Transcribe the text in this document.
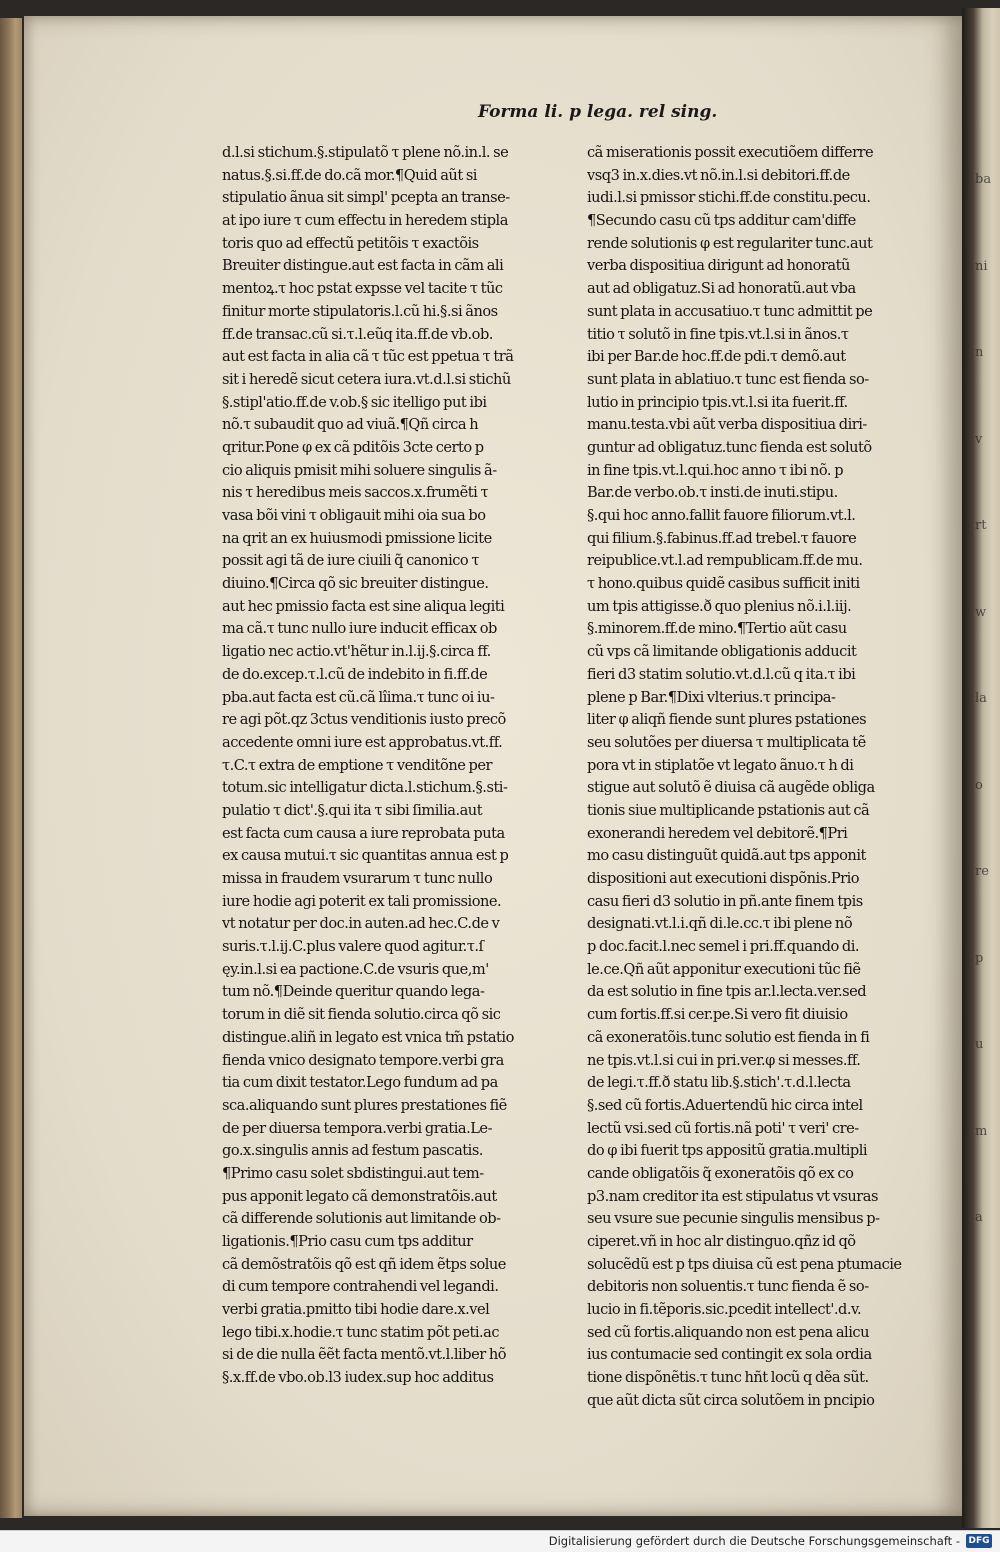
ba
ni
n
v
rt
w
la
o
re
p
u
m
a
Forma li. p lega. rel sing.
d.l.si stichum.§.stipulatõ τ plene nõ.in.l. se
natus.§.si.ff.de do.cã mor.¶Quid aũt si
stipulatio ãnua sit simpl' pcepta an transe-
at ipo iure τ cum effectu in heredem stipla
toris quo ad effectũ petitõis τ exactõis
Breuiter distingue.aut est facta in cãm ali
mentoꝝ.τ hoc pstat expsse vel tacite τ tũc
finitur morte stipulatoris.l.cũ hi.§.si ãnos
ff.de transac.cũ si.τ.l.eũq ita.ff.de vb.ob.
aut est facta in alia cã τ tũc est ppetua τ trã
sit i heredẽ sicut cetera iura.vt.d.l.si stichũ
§.stipl'atio.ff.de v.ob.§ sic itelligo put ibi
nõ.τ subaudit quo ad viuã.¶Qñ circa h
qritur.Pone φ ex cã pditõis 3cte certo p
cio aliquis pmisit mihi soluere singulis ã-
nis τ heredibus meis saccos.x.frumẽti τ
vasa bõi vini τ obligauit mihi oia sua bo
na qrit an ex huiusmodi pmissione licite
possit agi tã de iure ciuili q̃ canonico τ
diuino.¶Circa qõ sic breuiter distingue.
aut hec pmissio facta est sine aliqua legiti
ma cã.τ tunc nullo iure inducit efficax ob
ligatio nec actio.vt'hẽtur in.l.ij.§.circa ff.
de do.excep.τ.l.cũ de indebito in fi.ff.de
pba.aut facta est cũ.cã lîima.τ tunc oi iu-
re agi põt.qz 3ctus venditionis iusto precõ
accedente omni iure est approbatus.vt.ff.
τ.C.τ extra de emptione τ venditõne per
totum.sic intelligatur dicta.l.stichum.§.sti-
pulatio τ dict'.§.qui ita τ sibi ſimilia.aut
est facta cum causa a iure reprobata puta
ex causa mutui.τ sic quantitas annua est p
missa in fraudem vsurarum τ tunc nullo
iure hodie agi poterit ex tali promissione.
vt notatur per doc.in auten.ad hec.C.de v
suris.τ.l.ij.C.plus valere quod agitur.τ.ſ
ęy.in.l.si ea pactione.C.de vsuris que,m'
tum nõ.¶Deinde queritur quando lega-
torum in diẽ sit fienda solutio.circa qõ sic
distingue.aliñ in legato est vnica tm̃ pstatio
fienda vnico designato tempore.verbi gra
tia cum dixit testator.Lego fundum ad pa
sca.aliquando sunt plures prestationes fiẽ
de per diuersa tempora.verbi gratia.Le-
go.x.singulis annis ad festum pascatis.
¶Primo casu solet sbdistingui.aut tem-
pus apponit legato cã demonstratõis.aut
cã differende solutionis aut limitande ob-
ligationis.¶Prio casu cum tps additur
cã demõstratõis qõ est qñ idem ẽtps solue
di cum tempore contrahendi vel legandi.
verbi gratia.pmitto tibi hodie dare.x.vel
lego tibi.x.hodie.τ tunc statim põt peti.ac
si de die nulla ẽẽt facta mentõ.vt.l.liber hõ
§.x.ff.de vbo.ob.l3 iudex.sup hoc additus
cã miserationis possit executiõem differre
vsq3 in.x.dies.vt nõ.in.l.si debitori.ff.de
iudi.l.si pmissor stichi.ff.de constitu.pecu.
¶Secundo casu cũ tps additur cam'diffe
rende solutionis φ est regulariter tunc.aut
verba dispositiua dirigunt ad honoratũ
aut ad obligatuz.Si ad honoratũ.aut vba
sunt plata in accusatiuo.τ tunc admittit pe
titio τ solutõ in fine tpis.vt.l.si in ãnos.τ
ibi per Bar.de hoc.ff.de pdi.τ demõ.aut
sunt plata in ablatiuo.τ tunc est fienda so-
lutio in principio tpis.vt.l.si ita fuerit.ff.
manu.testa.vbi aũt verba dispositiua diri-
guntur ad obligatuz.tunc fienda est solutõ
in fine tpis.vt.l.qui.hoc anno τ ibi nõ. p
Bar.de verbo.ob.τ insti.de inuti.stipu.
§.qui hoc anno.fallit fauore filiorum.vt.l.
qui filium.§.fabinus.ff.ad trebel.τ fauore
reipublice.vt.l.ad rempublicam.ff.de mu.
τ hono.quibus quidẽ casibus sufficit initi
um tpis attigisse.ð quo plenius nõ.i.l.iij.
§.minorem.ff.de mino.¶Tertio aũt casu
cũ vps cã limitande obligationis adducit
fieri d3 statim solutio.vt.d.l.cũ q ita.τ ibi
plene p Bar.¶Dixi vlterius.τ principa-
liter φ aliqñ fiende sunt plures pstationes
seu solutões per diuersa τ multiplicata tẽ
pora vt in stiplatõe vt legato ãnuo.τ h di
stigue aut solutõ ẽ diuisa cã augẽde obliga
tionis siue multiplicande pstationis aut cã
exonerandi heredem vel debitorẽ.¶Pri
mo casu distinguũt quidã.aut tps apponit
dispositioni aut executioni dispõnis.Prio
casu fieri d3 solutio in pñ.ante finem tpis
designati.vt.l.i.qñ di.le.cc.τ ibi plene nõ
p doc.facit.l.nec semel i pri.ff.quando di.
le.ce.Qñ aũt apponitur executioni tũc fiẽ
da est solutio in fine tpis ar.l.lecta.ver.sed
cum fortis.ff.si cer.pe.Si vero fit diuisio
cã exoneratõis.tunc solutio est fienda in fi
ne tpis.vt.l.si cui in pri.ver.φ si messes.ff.
de legi.τ.ff.ð statu lib.§.stich'.τ.d.l.lecta
§.sed cũ fortis.Aduertendũ hic circa intel
lectũ vsi.sed cũ fortis.nã poti' τ veri' cre-
do φ ibi fuerit tps appositũ gratia.multipli
cande obligatõis q̃ exoneratõis qõ ex co
p3.nam creditor ita est stipulatus vt vsuras
seu vsure sue pecunie singulis mensibus p-
ciperet.vñ in hoc alr distinguo.qñz id qõ
solucẽdũ est p tps diuisa cũ est pena ptumacie
debitoris non soluentis.τ tunc fienda ẽ so-
lucio in fi.tẽporis.sic.pcedit intellect'.d.v.
sed cũ fortis.aliquando non est pena alicu
ius contumacie sed contingit ex sola ordia
tione dispõnẽtis.τ tunc hñt locũ q dẽa sũt.
que aũt dicta sũt circa solutõem in pncipio
Digitalisierung gefördert durch die Deutsche Forschungsgemeinschaft - DFG
